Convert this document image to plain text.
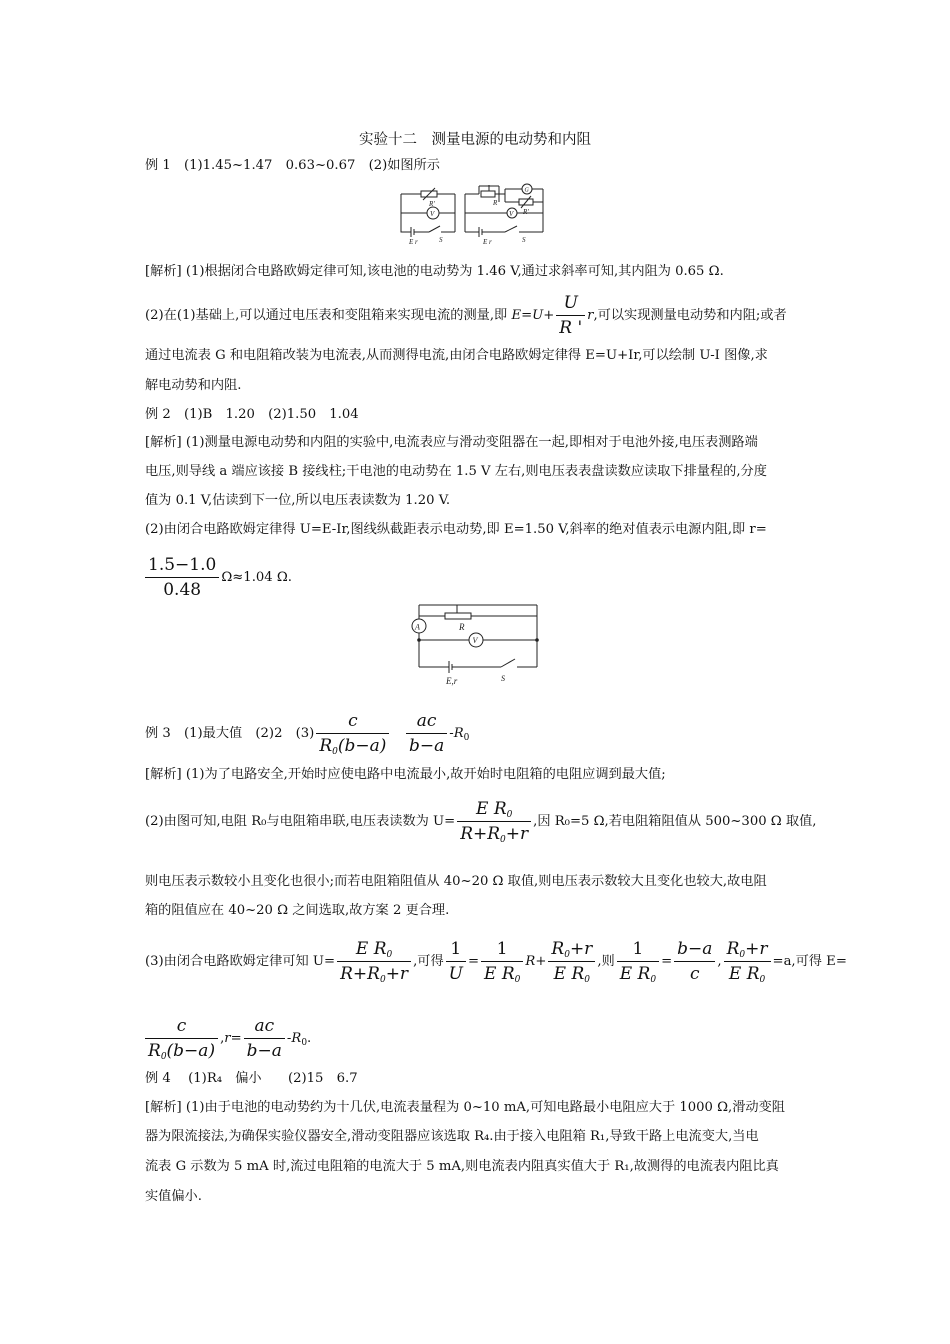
实验十二　测量电源的电动势和内阻
例 1　(1)1.45~1.47　0.63~0.67　(2)如图所示
R'
V
E r	S
R
G
R'
V
E r	S
[解析] (1)根据闭合电路欧姆定律可知,该电池的电动势为 1.46 V,通过求斜率可知,其内阻为 0.65 Ω.
(2)在(1)基础上,可以通过电压表和变阻箱来实现电流的测量,即 $E=U+ \frac{U}{R '} r$,可以实现测量电动势和内阻;或者
通过电流表 G 和电阻箱改装为电流表,从而测得电流,由闭合电路欧姆定律得 E=U+Ir,可以绘制 U-I 图像,求
解电动势和内阻.
例 2　(1)B　1.20　(2)1.50　1.04
[解析] (1)测量电源电动势和内阻的实验中,电流表应与滑动变阻器在一起,即相对于电池外接,电压表测路端
电压,则导线 a 端应该接 B 接线柱;干电池的电动势在 1.5 V 左右,则电压表表盘读数应读取下排量程的,分度
值为 0.1 V,估读到下一位,所以电压表读数为 1.20 V.
(2)由闭合电路欧姆定律得 U=E-Ir,图线纵截距表示电动势,即 E=1.50 V,斜率的绝对值表示电源内阻,即 r=
$\frac{1.5-1.0}{0.48} \Omega\approx 1.04$ Ω.
A	R
V
E,r	S
例 3　(1)最大值　(2)2　$(3) \frac{c}{R_0(b-a)}$
$\frac{ac}{b-a} -R_0$
[解析] (1)为了电路安全,开始时应使电路中电流最小,故开始时电阻箱的电阻应调到最大值;
(2)由图可知,电阻 R₀与电阻箱串联,电压表读数为 $U= \frac{E R_0}{R+R_0+r}$ ,因 R₀=5 Ω,若电阻箱阻值从 500~300 Ω 取值,
则电压表示数较小且变化也很小;而若电阻箱阻值从 40~20 Ω 取值,则电压表示数较大且变化也较大,故电阻
箱的阻值应在 40~20 Ω 之间选取,故方案 2 更合理.
(3)由闭合电路欧姆定律可知 $U= \frac{E R_0}{R+R_0+r}$ ,可得 $\frac{1}{U} = \frac{1}{E R_0} R+ \frac{R_0+r}{E R_0}$ ,则 $\frac{1}{E R_0} = \frac{b-a}{c}$ , $\frac{R_0+r}{E R_0} =a$,可得 E=
$\frac{c}{R_0(b-a)} ,r= \frac{ac}{b-a} -R_0$.
例 4　 (1)R₄　偏小　　(2)15　6.7
[解析] (1)由于电池的电动势约为十几伏,电流表量程为 0~10 mA,可知电路最小电阻应大于 1000 Ω,滑动变阻
器为限流接法,为确保实验仪器安全,滑动变阻器应该选取 R₄.由于接入电阻箱 R₁,导致干路上电流变大,当电
流表 G 示数为 5 mA 时,流过电阻箱的电流大于 5 mA,则电流表内阻真实值大于 R₁,故测得的电流表内阻比真
实值偏小.
